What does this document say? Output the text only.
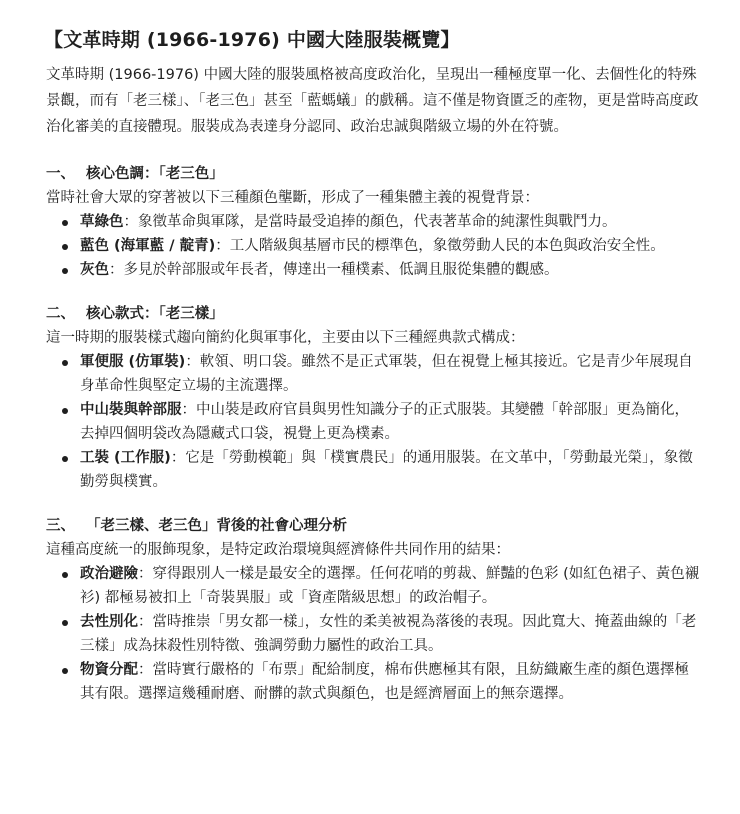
【文革時期 (1966-1976) 中國大陸服裝概覽】

文革時期 (1966-1976) 中國大陸的服裝風格被高度政治化，呈現出一種極度單一化、去個性化的特殊景觀，而有「老三樣」、「老三色」甚至「藍螞蟻」的戲稱。這不僅是物資匱乏的產物，更是當時高度政治化審美的直接體現。服裝成為表達身分認同、政治忠誠與階級立場的外在符號。

一、 核心色調：「老三色」

當時社會大眾的穿著被以下三種顏色壟斷，形成了一種集體主義的視覺背景：

草綠色：象徵革命與軍隊，是當時最受追捧的顏色，代表著革命的純潔性與戰鬥力。
藍色 (海軍藍 / 靛青)：工人階級與基層市民的標準色，象徵勞動人民的本色與政治安全性。
灰色：多見於幹部服或年長者，傳達出一種樸素、低調且服從集體的觀感。

二、 核心款式：「老三樣」

這一時期的服裝樣式趨向簡約化與軍事化，主要由以下三種經典款式構成：

軍便服 (仿軍裝)：軟領、明口袋。雖然不是正式軍裝，但在視覺上極其接近。它是青少年展現自身革命性與堅定立場的主流選擇。
中山裝與幹部服：中山裝是政府官員與男性知識分子的正式服裝。其變體「幹部服」更為簡化，去掉四個明袋改為隱藏式口袋，視覺上更為樸素。
工裝 (工作服)：它是「勞動模範」與「樸實農民」的通用服裝。在文革中，「勞動最光榮」，象徵勤勞與樸實。

三、 「老三樣、老三色」背後的社會心理分析

這種高度統一的服飾現象，是特定政治環境與經濟條件共同作用的結果：

政治避險：穿得跟別人一樣是最安全的選擇。任何花哨的剪裁、鮮豔的色彩 (如紅色裙子、黃色襯衫) 都極易被扣上「奇裝異服」或「資產階級思想」的政治帽子。
去性別化：當時推崇「男女都一樣」，女性的柔美被視為落後的表現。因此寬大、掩蓋曲線的「老三樣」成為抹殺性別特徵、強調勞動力屬性的政治工具。
物資分配：當時實行嚴格的「布票」配給制度，棉布供應極其有限，且紡織廠生產的顏色選擇極其有限。選擇這幾種耐磨、耐髒的款式與顏色，也是經濟層面上的無奈選擇。
